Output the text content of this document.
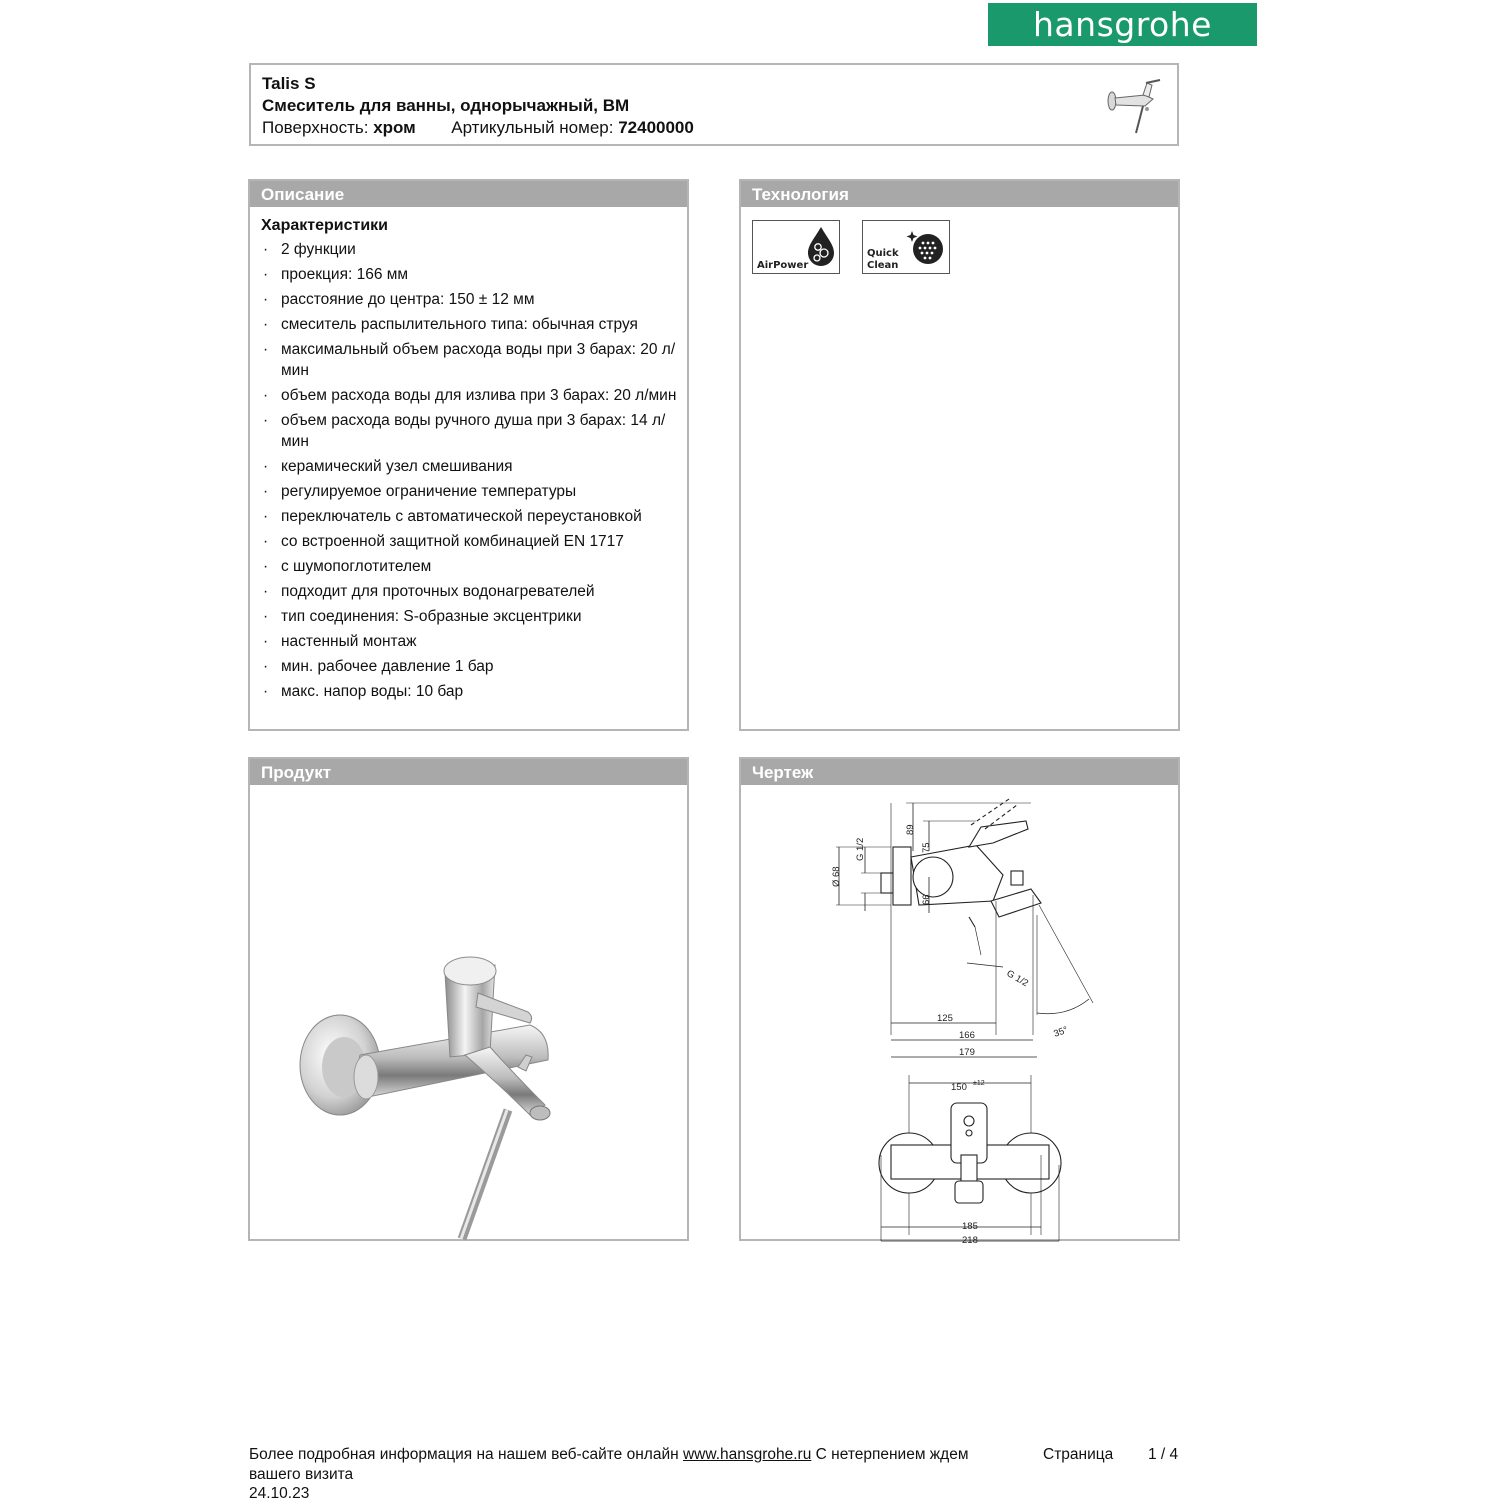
hansgrohe
Talis S
Смеситель для ванны, однорычажный, ВМ
Поверхность: хром Артикульный номер: 72400000
Описание
Характеристики
· 2 функции
· проекция: 166 мм
· расстояние до центра: 150 ± 12 мм
· смеситель распылительного типа: обычная струя
· максимальный объем расхода воды при 3 барах: 20 л/мин
· объем расхода воды для излива при 3 барах: 20 л/мин
· объем расхода воды ручного душа при 3 барах: 14 л/мин
· керамический узел смешивания
· регулируемое ограничение температуры
· переключатель с автоматической переустановкой
· со встроенной защитной комбинацией EN 1717
· с шумопоглотителем
· подходит для проточных водонагревателей
· тип соединения: S-образные эксцентрики
· настенный монтаж
· мин. рабочее давление 1 бар
· макс. напор воды: 10 бар
Технология
AirPower
Quick
Clean
Продукт	Чертеж
89
75
66
Ø 68
G 1/2
G 1/2
125
166
179
35°
150 ±12
185
218
Более подробная информация на нашем веб-сайте онлайн www.hansgrohe.ru С нетерпением ждем	Страница 1 / 4
вашего визита
24.10.23
